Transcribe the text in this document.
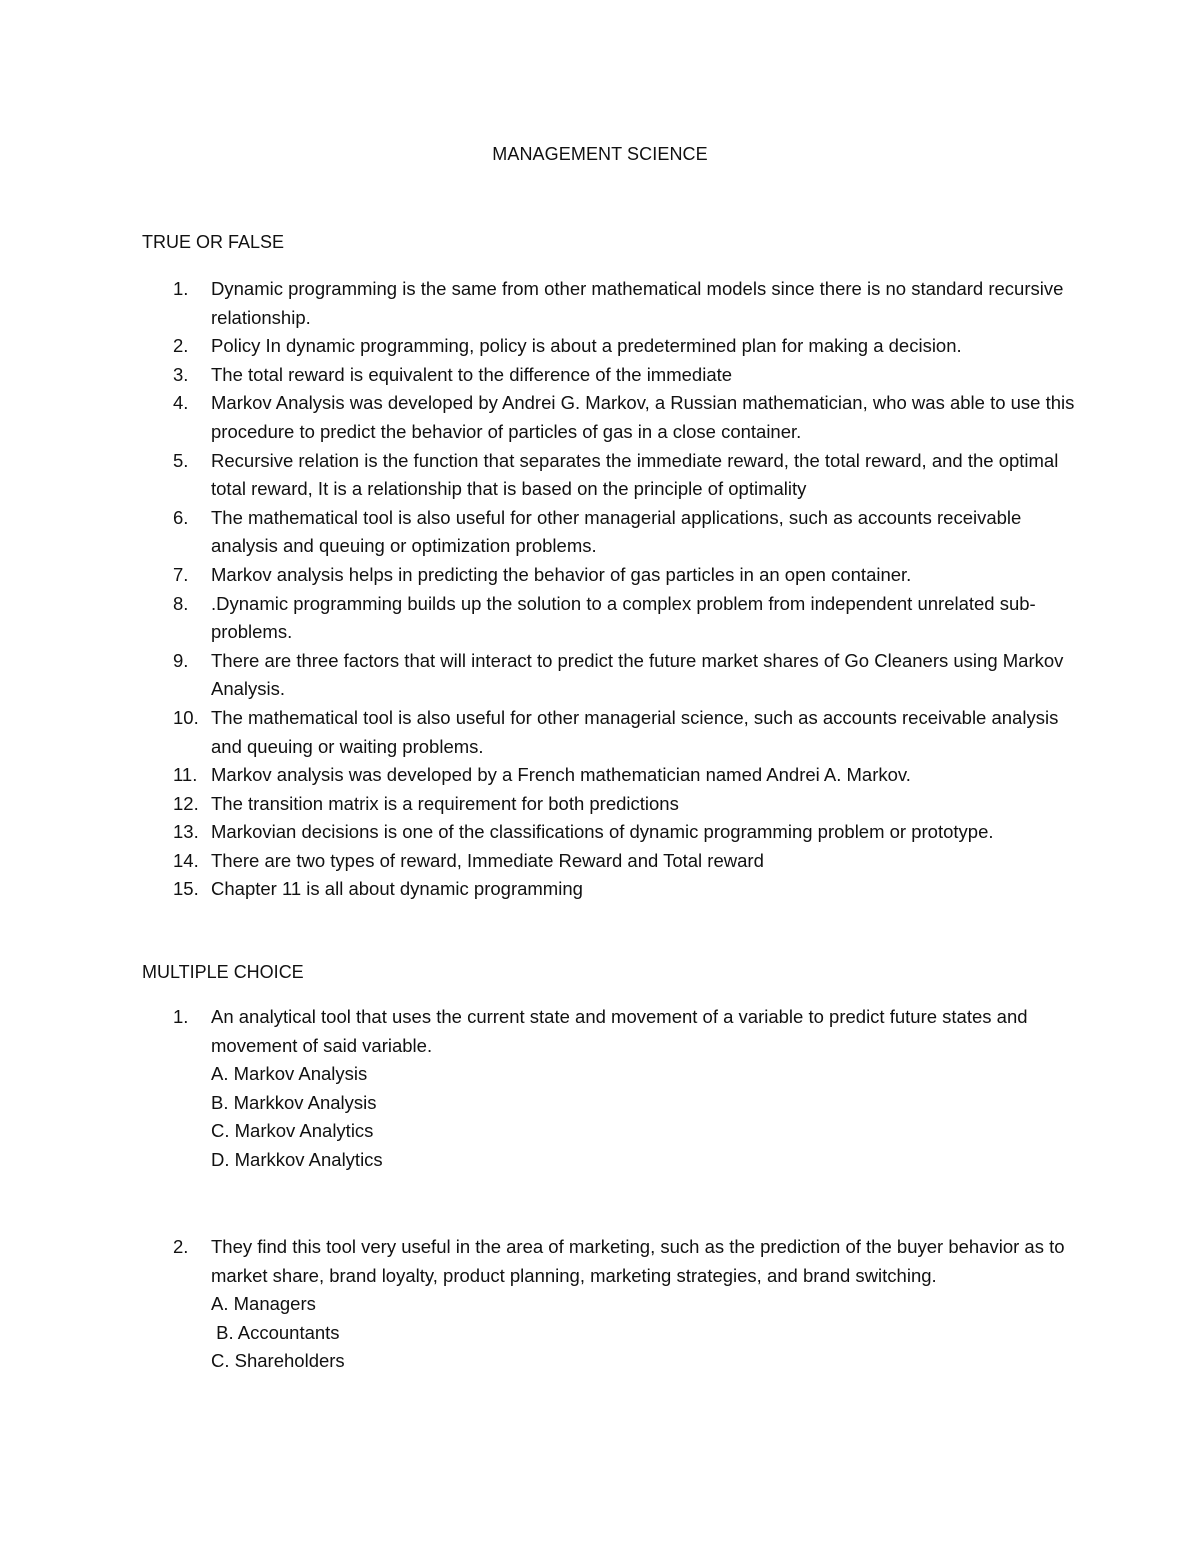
MANAGEMENT SCIENCE
TRUE OR FALSE
1. Dynamic programming is the same from other mathematical models since there is no standard recursive relationship.
2. Policy In dynamic programming, policy is about a predetermined plan for making a decision.
3. The total reward is equivalent to the difference of the immediate
4. Markov Analysis was developed by Andrei G. Markov, a Russian mathematician, who was able to use this procedure to predict the behavior of particles of gas in a close container.
5. Recursive relation is the function that separates the immediate reward, the total reward, and the optimal total reward, It is a relationship that is based on the principle of optimality
6. The mathematical tool is also useful for other managerial applications, such as accounts receivable analysis and queuing or optimization problems.
7. Markov analysis helps in predicting the behavior of gas particles in an open container.
8. .Dynamic programming builds up the solution to a complex problem from independent unrelated sub-problems.
9. There are three factors that will interact to predict the future market shares of Go Cleaners using Markov Analysis.
10. The mathematical tool is also useful for other managerial science, such as accounts receivable analysis and queuing or waiting problems.
11. Markov analysis was developed by a French mathematician named Andrei A. Markov.
12. The transition matrix is a requirement for both predictions
13. Markovian decisions is one of the classifications of dynamic programming problem or prototype.
14. There are two types of reward, Immediate Reward and Total reward
15. Chapter 11 is all about dynamic programming
MULTIPLE CHOICE
1. An analytical tool that uses the current state and movement of a variable to predict future states and movement of said variable.
A. Markov Analysis
B. Markkov Analysis
C. Markov Analytics
D. Markkov Analytics
2. They find this tool very useful in the area of marketing, such as the prediction of the buyer behavior as to market share, brand loyalty, product planning, marketing strategies, and brand switching.
A. Managers
B. Accountants
C. Shareholders
